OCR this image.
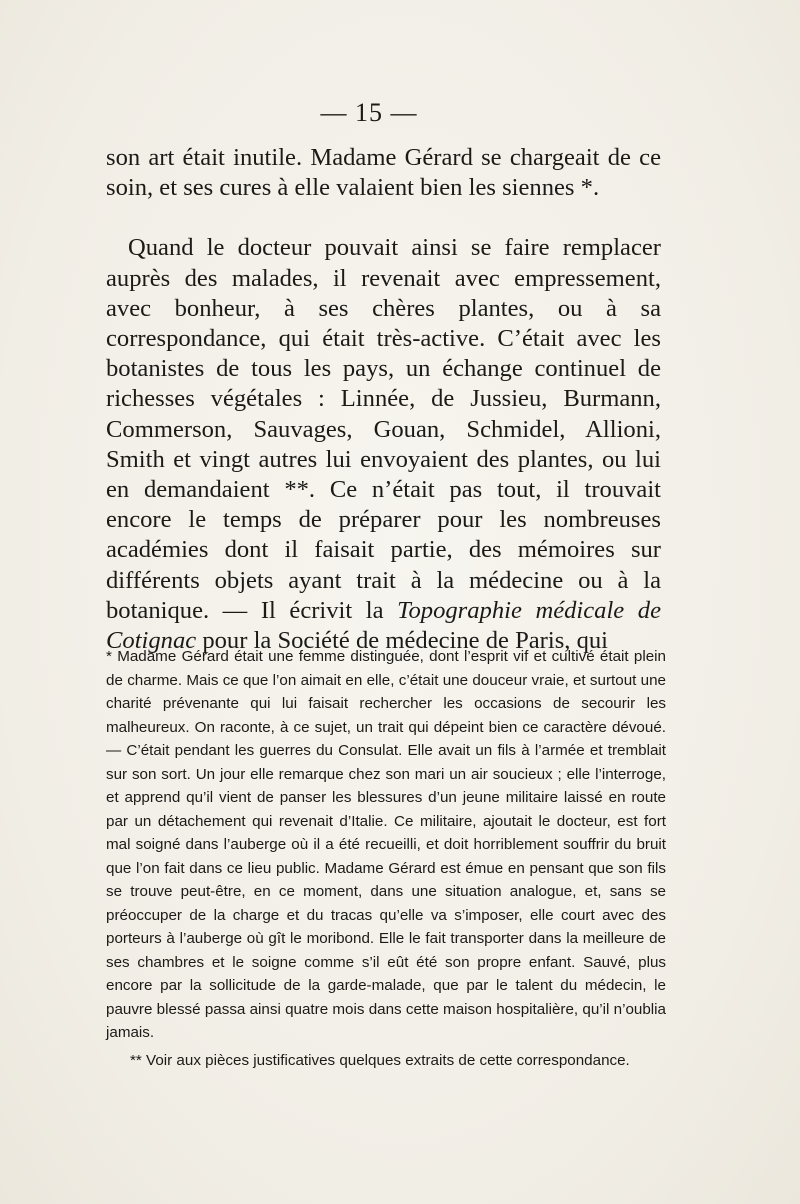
— 15 —

son art était inutile. Madame Gérard se chargeait de ce soin, et ses cures à elle valaient bien les siennes *.

Quand le docteur pouvait ainsi se faire remplacer auprès des malades, il revenait avec empressement, avec bonheur, à ses chères plantes, ou à sa correspondance, qui était très-active. C’était avec les botanistes de tous les pays, un échange continuel de richesses végétales : Linnée, de Jussieu, Burmann, Commerson, Sauvages, Gouan, Schmidel, Allioni, Smith et vingt autres lui envoyaient des plantes, ou lui en demandaient **. Ce n’était pas tout, il trouvait encore le temps de préparer pour les nombreuses académies dont il faisait partie, des mémoires sur différents objets ayant trait à la médecine ou à la botanique. — Il écrivit la Topographie médicale de Cotignac pour la Société de médecine de Paris, qui

* Madame Gérard était une femme distinguée, dont l’esprit vif et cultivé était plein de charme. Mais ce que l’on aimait en elle, c’était une douceur vraie, et surtout une charité prévenante qui lui faisait rechercher les occasions de secourir les malheureux. On raconte, à ce sujet, un trait qui dépeint bien ce caractère dévoué. — C’était pendant les guerres du Consulat. Elle avait un fils à l’armée et tremblait sur son sort. Un jour elle remarque chez son mari un air soucieux ; elle l’interroge, et apprend qu’il vient de panser les blessures d’un jeune militaire laissé en route par un détachement qui revenait d’Italie. Ce militaire, ajoutait le docteur, est fort mal soigné dans l’auberge où il a été recueilli, et doit horriblement souffrir du bruit que l’on fait dans ce lieu public. Madame Gérard est émue en pensant que son fils se trouve peut-être, en ce moment, dans une situation analogue, et, sans se préoccuper de la charge et du tracas qu’elle va s’imposer, elle court avec des porteurs à l’auberge où gît le moribond. Elle le fait transporter dans la meilleure de ses chambres et le soigne comme s’il eût été son propre enfant. Sauvé, plus encore par la sollicitude de la garde-malade, que par le talent du médecin, le pauvre blessé passa ainsi quatre mois dans cette maison hospitalière, qu’il n’oublia jamais.

** Voir aux pièces justificatives quelques extraits de cette correspondance.
